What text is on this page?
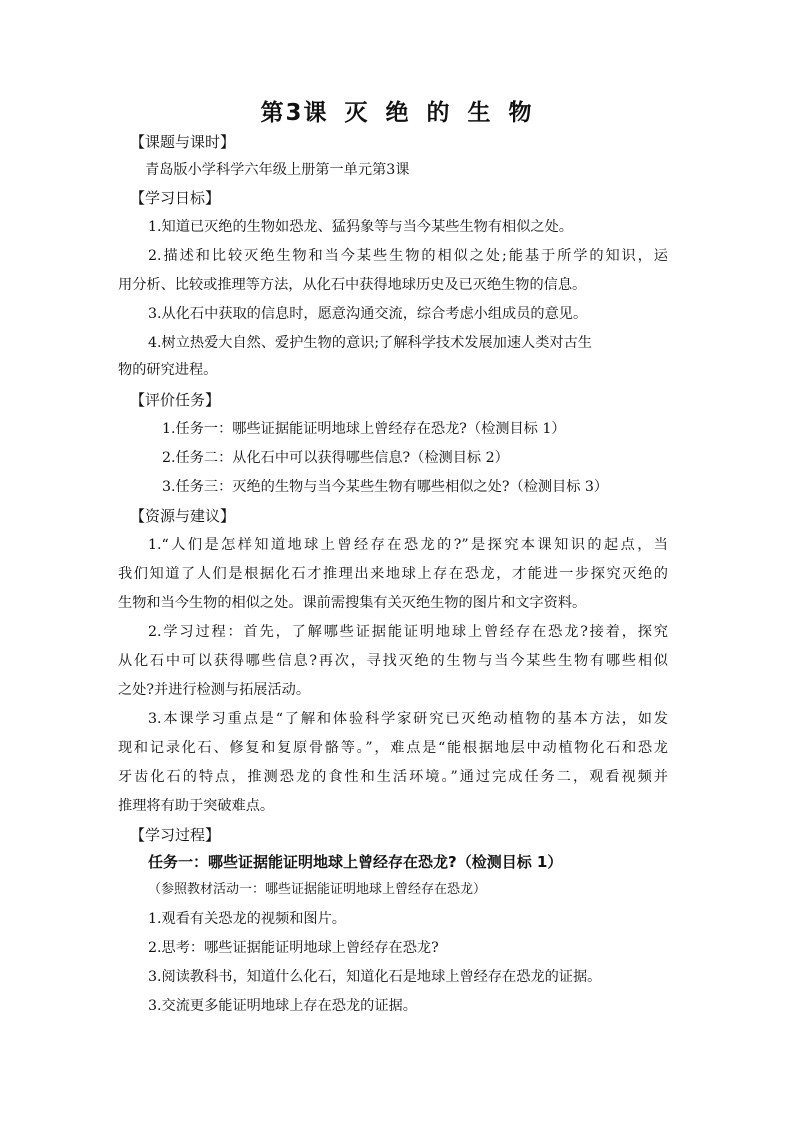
第3课 灭 绝 的 生 物
【课题与课时】
青岛版小学科学六年级上册第一单元第3课
【学习日标】
1.知道已灭绝的生物如恐龙、猛犸象等与当今某些生物有相似之处。
2.描述和比较灭绝生物和当今某些生物的相似之处;能基于所学的知识，运
用分析、比较或推理等方法，从化石中获得地球历史及已灭绝生物的信息。
3.从化石中获取的信息时，愿意沟通交流，综合考虑小组成员的意见。
4.树立热爱大自然、爱护生物的意识;了解科学技术发展加速人类对古生
物的研究进程。
【评价任务】
1.任务一：哪些证据能证明地球上曾经存在恐龙?（检测目标 1）
2.任务二：从化石中可以获得哪些信息?（检测目标 2）
3.任务三：灭绝的生物与当今某些生物有哪些相似之处?（检测目标 3）
【资源与建议】
1.“人们是怎样知道地球上曾经存在恐龙的?”是探究本课知识的起点，当
我们知道了人们是根据化石才推理出来地球上存在恐龙，才能进一步探究灭绝的
生物和当今生物的相似之处。课前需搜集有关灭绝生物的图片和文字资料。
2.学习过程：首先，了解哪些证据能证明地球上曾经存在恐龙?接着，探究
从化石中可以获得哪些信息?再次，寻找灭绝的生物与当今某些生物有哪些相似
之处?并进行检测与拓展活动。
3.本课学习重点是“了解和体验科学家研究已灭绝动植物的基本方法，如发
现和记录化石、修复和复原骨骼等。”，难点是“能根据地层中动植物化石和恐龙
牙齿化石的特点，推测恐龙的食性和生活环境。”通过完成任务二，观看视频并
推理将有助于突破难点。
【学习过程】
任务一：哪些证据能证明地球上曾经存在恐龙?（检测目标 1）
（参照教材活动一：哪些证据能证明地球上曾经存在恐龙）
1.观看有关恐龙的视频和图片。
2.思考：哪些证据能证明地球上曾经存在恐龙?
3.阅读教科书，知道什么化石，知道化石是地球上曾经存在恐龙的证据。
3.交流更多能证明地球上存在恐龙的证据。
